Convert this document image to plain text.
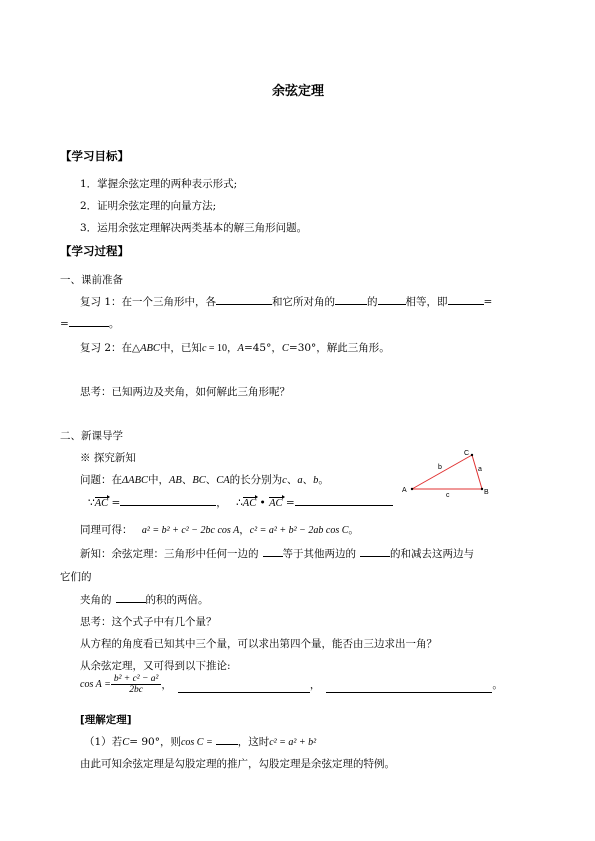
余弦定理
【学习目标】
1．掌握余弦定理的两种表示形式;
2．证明余弦定理的向量方法;
3．运用余弦定理解决两类基本的解三角形问题。
【学习过程】
一、课前准备
复习 1：在一个三角形中，各	和它所对角的	的	相等，即	=
=	。
复习 2：在△ABC中，已知c = 10，A=45°，C=30°，解此三角形。
思考：已知两边及夹角，如何解此三角形呢？
二、新课导学
※ 探究新知
问题：在ΔABC中，AB、BC、CA的长分别为c、a、b。
∵AC =	， ∴AC • AC =
A	B
C
a
b
c
同理可得： a² = b² + c² − 2bc cos A，c² = a² + b² − 2ab cos C。
新知：余弦定理：三角形中任何一边的 等于其他两边的	的和减去这两边与
它们的
夹角的	的积的两倍。
思考：这个式子中有几个量？
从方程的角度看已知其中三个量，可以求出第四个量，能否由三边求出一角？
从余弦定理，又可得到以下推论:
$\cos A = \frac{\text{b² + c² − a²}}{2bc}$ ，	，	。
[理解定理]
（1）若C= 90°，则cos C = ，这时c² = a² + b²
由此可知余弦定理是勾股定理的推广，勾股定理是余弦定理的特例。
